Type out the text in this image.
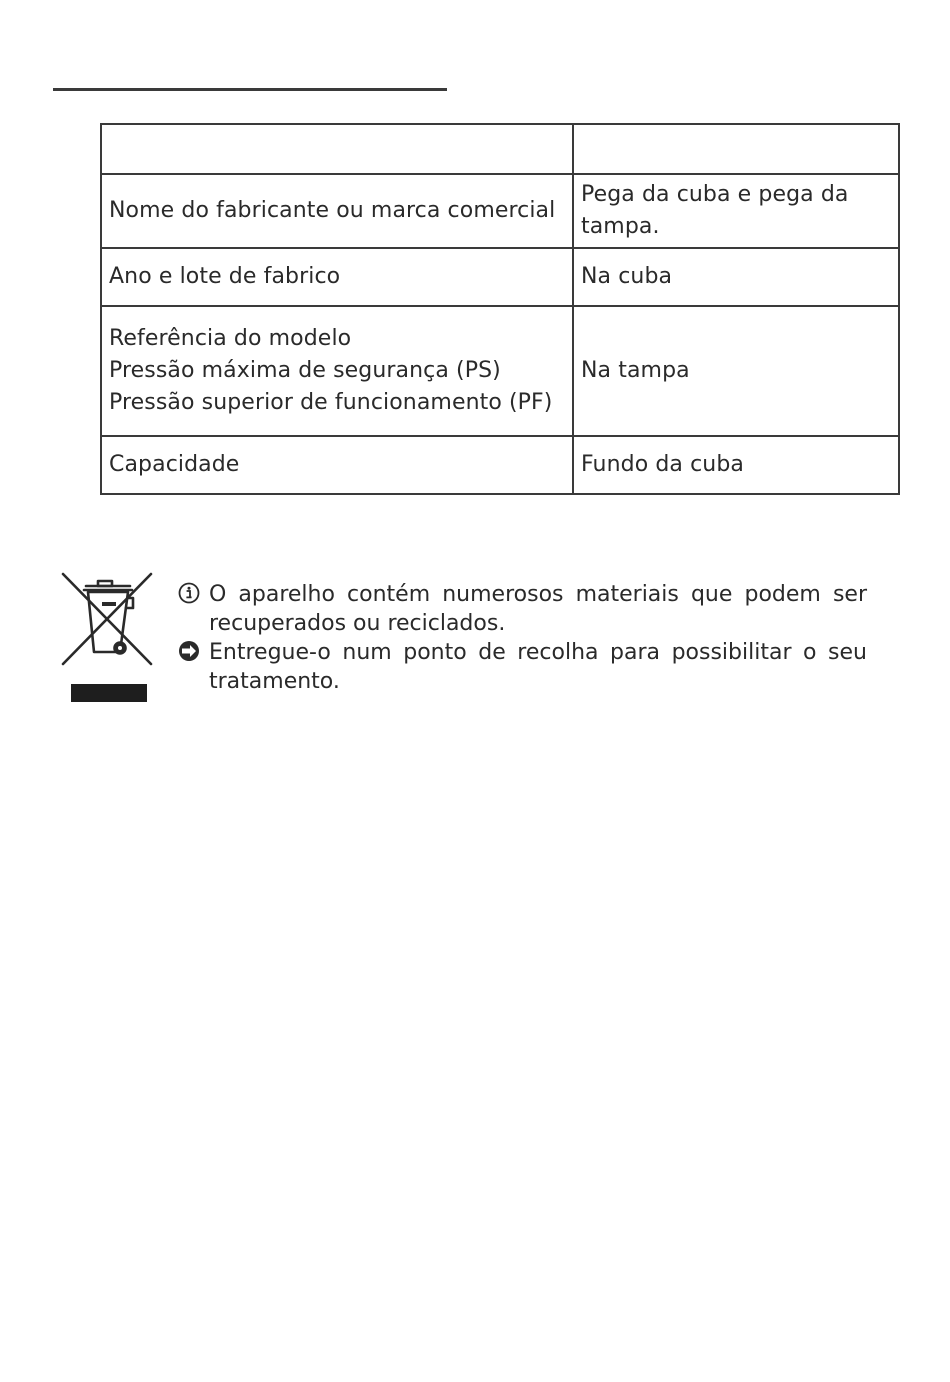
Nome do fabricante ou marca comercial	Pega da cuba e pega da
tampa.

Ano e lote de fabrico	Na cuba

Referência do modelo
Pressão máxima de segurança (PS)
Pressão superior de funcionamento (PF)	Na tampa

Capacidade	Fundo da cuba
O aparelho contém numerosos materiais que podem ser recuperados ou reciclados.
Entregue-o num ponto de recolha para possibilitar o seu tratamento.
